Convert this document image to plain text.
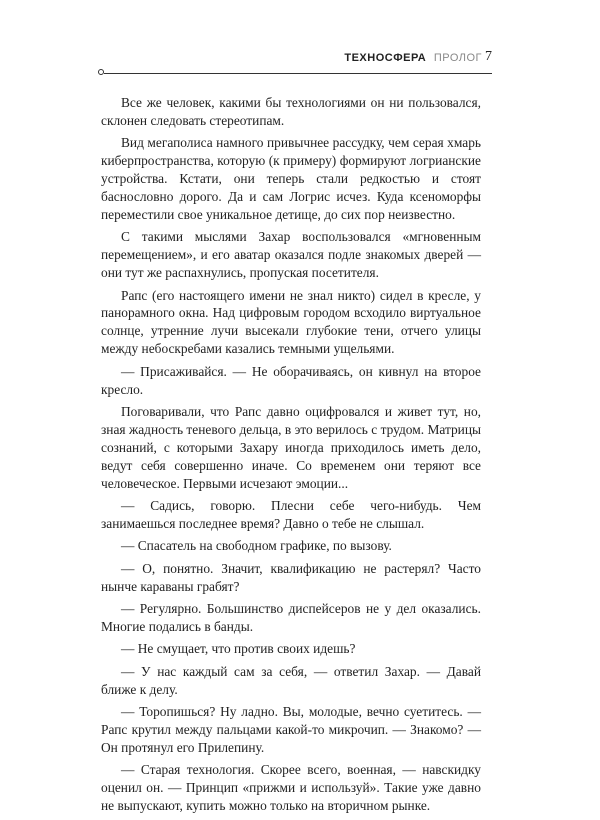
ТЕХНОСФЕРА ПРОЛОГ 7

Все же человек, какими бы технологиями он ни пользовался, склонен следовать стереотипам.

Вид мегаполиса намного привычнее рассудку, чем серая хмарь киберпространства, которую (к примеру) формируют логрианские устройства. Кстати, они теперь стали редкостью и стоят баснословно дорого. Да и сам Логрис исчез. Куда ксеноморфы переместили свое уникальное детище, до сих пор неизвестно.

С такими мыслями Захар воспользовался «мгновенным перемещением», и его аватар оказался подле знакомых дверей — они тут же распахнулись, пропуская посетителя.

Рапс (его настоящего имени не знал никто) сидел в кресле, у панорамного окна. Над цифровым городом всходило виртуальное солнце, утренние лучи высекали глубокие тени, отчего улицы между небоскребами казались темными ущельями.

— Присаживайся. — Не оборачиваясь, он кивнул на второе кресло.

Поговаривали, что Рапс давно оцифровался и живет тут, но, зная жадность теневого дельца, в это верилось с трудом. Матрицы сознаний, с которыми Захару иногда приходилось иметь дело, ведут себя совершенно иначе. Со временем они теряют все человеческое. Первыми исчезают эмоции...

— Садись, говорю. Плесни себе чего-нибудь. Чем занимаешься последнее время? Давно о тебе не слышал.

— Спасатель на свободном графике, по вызову.

— О, понятно. Значит, квалификацию не растерял? Часто нынче караваны грабят?

— Регулярно. Большинство диспейсеров не у дел оказались. Многие подались в банды.

— Не смущает, что против своих идешь?

— У нас каждый сам за себя, — ответил Захар. — Давай ближе к делу.

— Торопишься? Ну ладно. Вы, молодые, вечно суетитесь. — Рапс крутил между пальцами какой-то микрочип. — Знакомо? — Он протянул его Прилепину.

— Старая технология. Скорее всего, военная, — навскидку оценил он. — Принцип «прижми и используй». Такие уже давно не выпускают, купить можно только на вторичном рынке.
